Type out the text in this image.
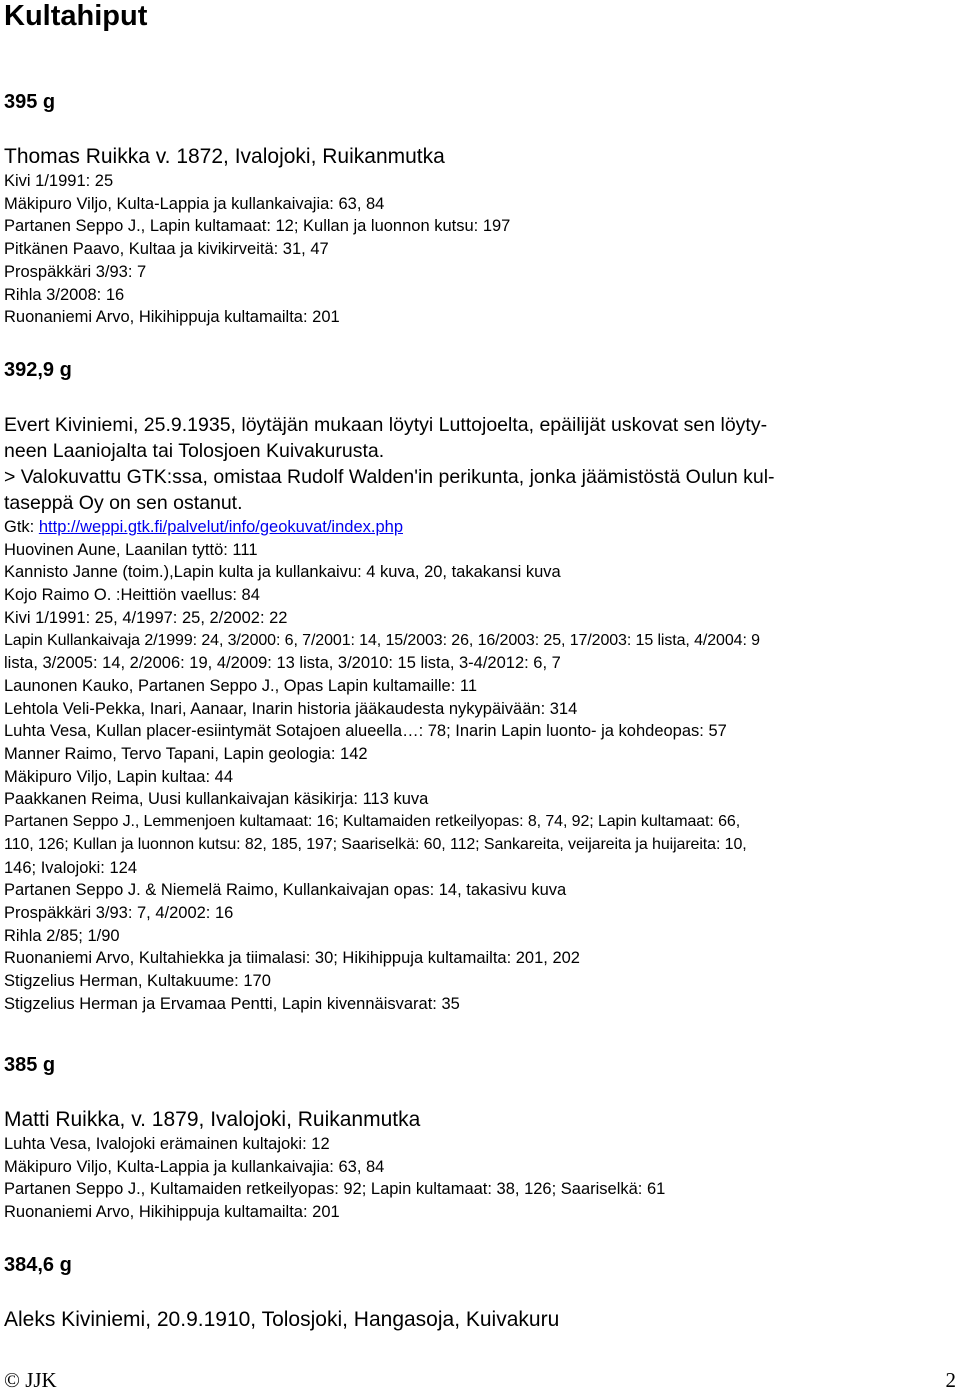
Kultahiput

395 g

Thomas Ruikka v. 1872, Ivalojoki, Ruikanmutka

Kivi 1/1991: 25

Mäkipuro Viljo, Kulta-Lappia ja kullankaivajia: 63, 84

Partanen Seppo J., Lapin kultamaat: 12; Kullan ja luonnon kutsu: 197

Pitkänen Paavo, Kultaa ja kivikirveitä: 31, 47

Prospäkkäri 3/93: 7

Rihla 3/2008: 16

Ruonaniemi Arvo, Hikihippuja kultamailta: 201

392,9 g

Evert Kiviniemi, 25.9.1935, löytäjän mukaan löytyi Luttojoelta, epäilijät uskovat sen löyty-

neen Laaniojalta tai Tolosjoen Kuivakurusta.

> Valokuvattu GTK:ssa, omistaa Rudolf Walden'in perikunta, jonka jäämistöstä Oulun kul-

taseppä Oy on sen ostanut.

Gtk: http://weppi.gtk.fi/palvelut/info/geokuvat/index.php

Huovinen Aune, Laanilan tyttö: 111

Kannisto Janne (toim.),Lapin kulta ja kullankaivu: 4 kuva, 20, takakansi kuva

Kojo Raimo O. :Heittiön vaellus: 84

Kivi 1/1991: 25, 4/1997: 25, 2/2002: 22

Lapin Kullankaivaja 2/1999: 24, 3/2000: 6, 7/2001: 14, 15/2003: 26, 16/2003: 25, 17/2003: 15 lista, 4/2004: 9

lista, 3/2005: 14, 2/2006: 19, 4/2009: 13 lista, 3/2010: 15 lista, 3-4/2012: 6, 7

Launonen Kauko, Partanen Seppo J., Opas Lapin kultamaille: 11

Lehtola Veli-Pekka, Inari, Aanaar, Inarin historia jääkaudesta nykypäivään: 314

Luhta Vesa, Kullan placer-esiintymät Sotajoen alueella…: 78; Inarin Lapin luonto- ja kohdeopas: 57

Manner Raimo, Tervo Tapani, Lapin geologia: 142

Mäkipuro Viljo, Lapin kultaa: 44

Paakkanen Reima, Uusi kullankaivajan käsikirja: 113 kuva

Partanen Seppo J., Lemmenjoen kultamaat: 16; Kultamaiden retkeilyopas: 8, 74, 92; Lapin kultamaat: 66,

110, 126; Kullan ja luonnon kutsu: 82, 185, 197; Saariselkä: 60, 112; Sankareita, veijareita ja huijareita: 10,

146; Ivalojoki: 124

Partanen Seppo J. & Niemelä Raimo, Kullankaivajan opas: 14, takasivu kuva

Prospäkkäri 3/93: 7, 4/2002: 16

Rihla 2/85; 1/90

Ruonaniemi Arvo, Kultahiekka ja tiimalasi: 30; Hikihippuja kultamailta: 201, 202

Stigzelius Herman, Kultakuume: 170

Stigzelius Herman ja Ervamaa Pentti, Lapin kivennäisvarat: 35

385 g

Matti Ruikka, v. 1879, Ivalojoki, Ruikanmutka

Luhta Vesa, Ivalojoki erämainen kultajoki: 12

Mäkipuro Viljo, Kulta-Lappia ja kullankaivajia: 63, 84

Partanen Seppo J., Kultamaiden retkeilyopas: 92; Lapin kultamaat: 38, 126; Saariselkä: 61

Ruonaniemi Arvo, Hikihippuja kultamailta: 201

384,6 g

Aleks Kiviniemi, 20.9.1910, Tolosjoki, Hangasoja, Kuivakuru

© JJK	2
